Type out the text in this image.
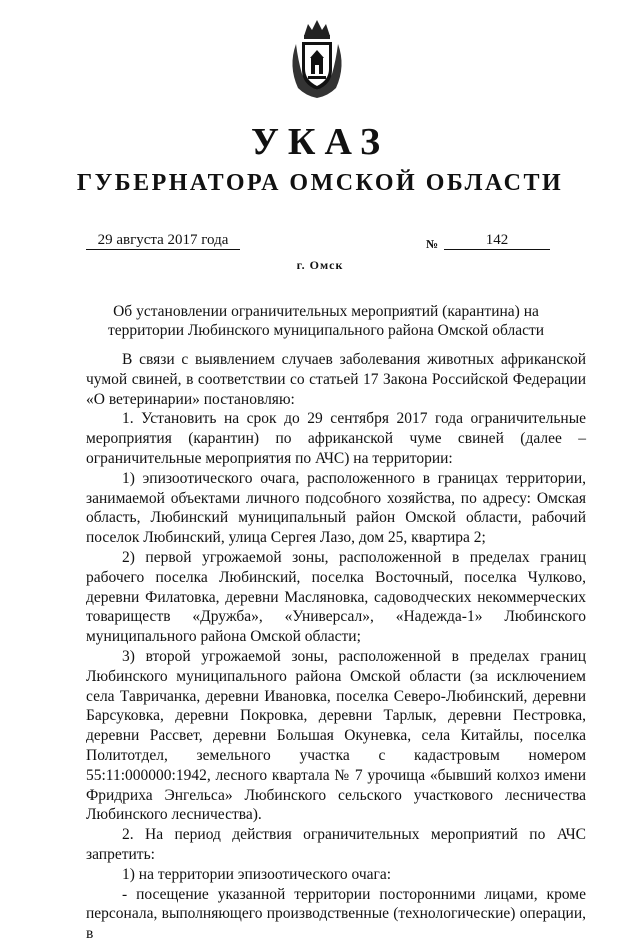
УКАЗ
ГУБЕРНАТОРА ОМСКОЙ ОБЛАСТИ
29 августа 2017 года	№	142
г. Омск
Об установлении ограничительных мероприятий (карантина) на территории Любинского муниципального района Омской области

В связи с выявлением случаев заболевания животных африканской чумой свиней, в соответствии со статьей 17 Закона Российской Федерации «О ветеринарии» постановляю:

1. Установить на срок до 29 сентября 2017 года ограничительные мероприятия (карантин) по африканской чуме свиней (далее – ограничительные мероприятия по АЧС) на территории:

1) эпизоотического очага, расположенного в границах территории, занимаемой объектами личного подсобного хозяйства, по адресу: Омская область, Любинский муниципальный район Омской области, рабочий поселок Любинский, улица Сергея Лазо, дом 25, квартира 2;

2) первой угрожаемой зоны, расположенной в пределах границ рабочего поселка Любинский, поселка Восточный, поселка Чулково, деревни Филатовка, деревни Масляновка, садоводческих некоммерческих товариществ «Дружба», «Универсал», «Надежда-1» Любинского муниципального района Омской области;

3) второй угрожаемой зоны, расположенной в пределах границ Любинского муниципального района Омской области (за исключением села Тавричанка, деревни Ивановка, поселка Северо-Любинский, деревни Барсуковка, деревни Покровка, деревни Тарлык, деревни Пестровка, деревни Рассвет, деревни Большая Окуневка, села Китайлы, поселка Политотдел, земельного участка с кадастровым номером 55:11:000000:1942, лесного квартала № 7 урочища «бывший колхоз имени Фридриха Энгельса» Любинского сельского участкового лесничества Любинского лесничества).

2. На период действия ограничительных мероприятий по АЧС запретить:

1) на территории эпизоотического очага:

- посещение указанной территории посторонними лицами, кроме персонала, выполняющего производственные (технологические) операции, в
